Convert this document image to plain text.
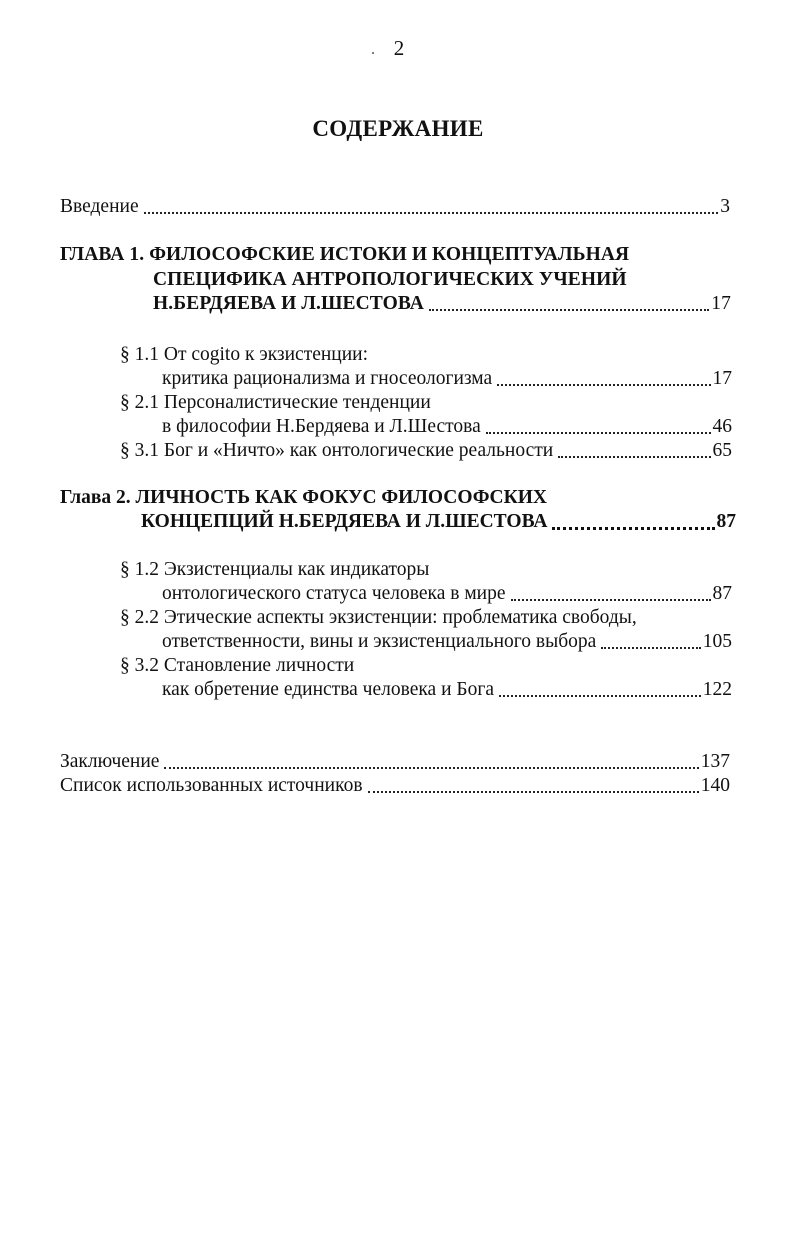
2
СОДЕРЖАНИЕ
Введение	3
ГЛАВА 1. ФИЛОСОФСКИЕ ИСТОКИ И КОНЦЕПТУАЛЬНАЯ
СПЕЦИФИКА АНТРОПОЛОГИЧЕСКИХ УЧЕНИЙ
Н.БЕРДЯЕВА И Л.ШЕСТОВА	17
§ 1.1 От cogito к экзистенции:
критика рационализма и гносеологизма	17
§ 2.1 Персоналистические тенденции
в философии Н.Бердяева и Л.Шестова	46
§ 3.1 Бог и «Ничто» как онтологические реальности	65
Глава 2. ЛИЧНОСТЬ КАК ФОКУС ФИЛОСОФСКИХ
КОНЦЕПЦИЙ Н.БЕРДЯЕВА И Л.ШЕСТОВА	87
§ 1.2 Экзистенциалы как индикаторы
онтологического статуса человека в мире	87
§ 2.2 Этические аспекты экзистенции: проблематика свободы,
ответственности, вины и экзистенциального выбора	105
§ 3.2 Становление личности
как обретение единства человека и Бога	122
Заключение	137
Список использованных источников	140
